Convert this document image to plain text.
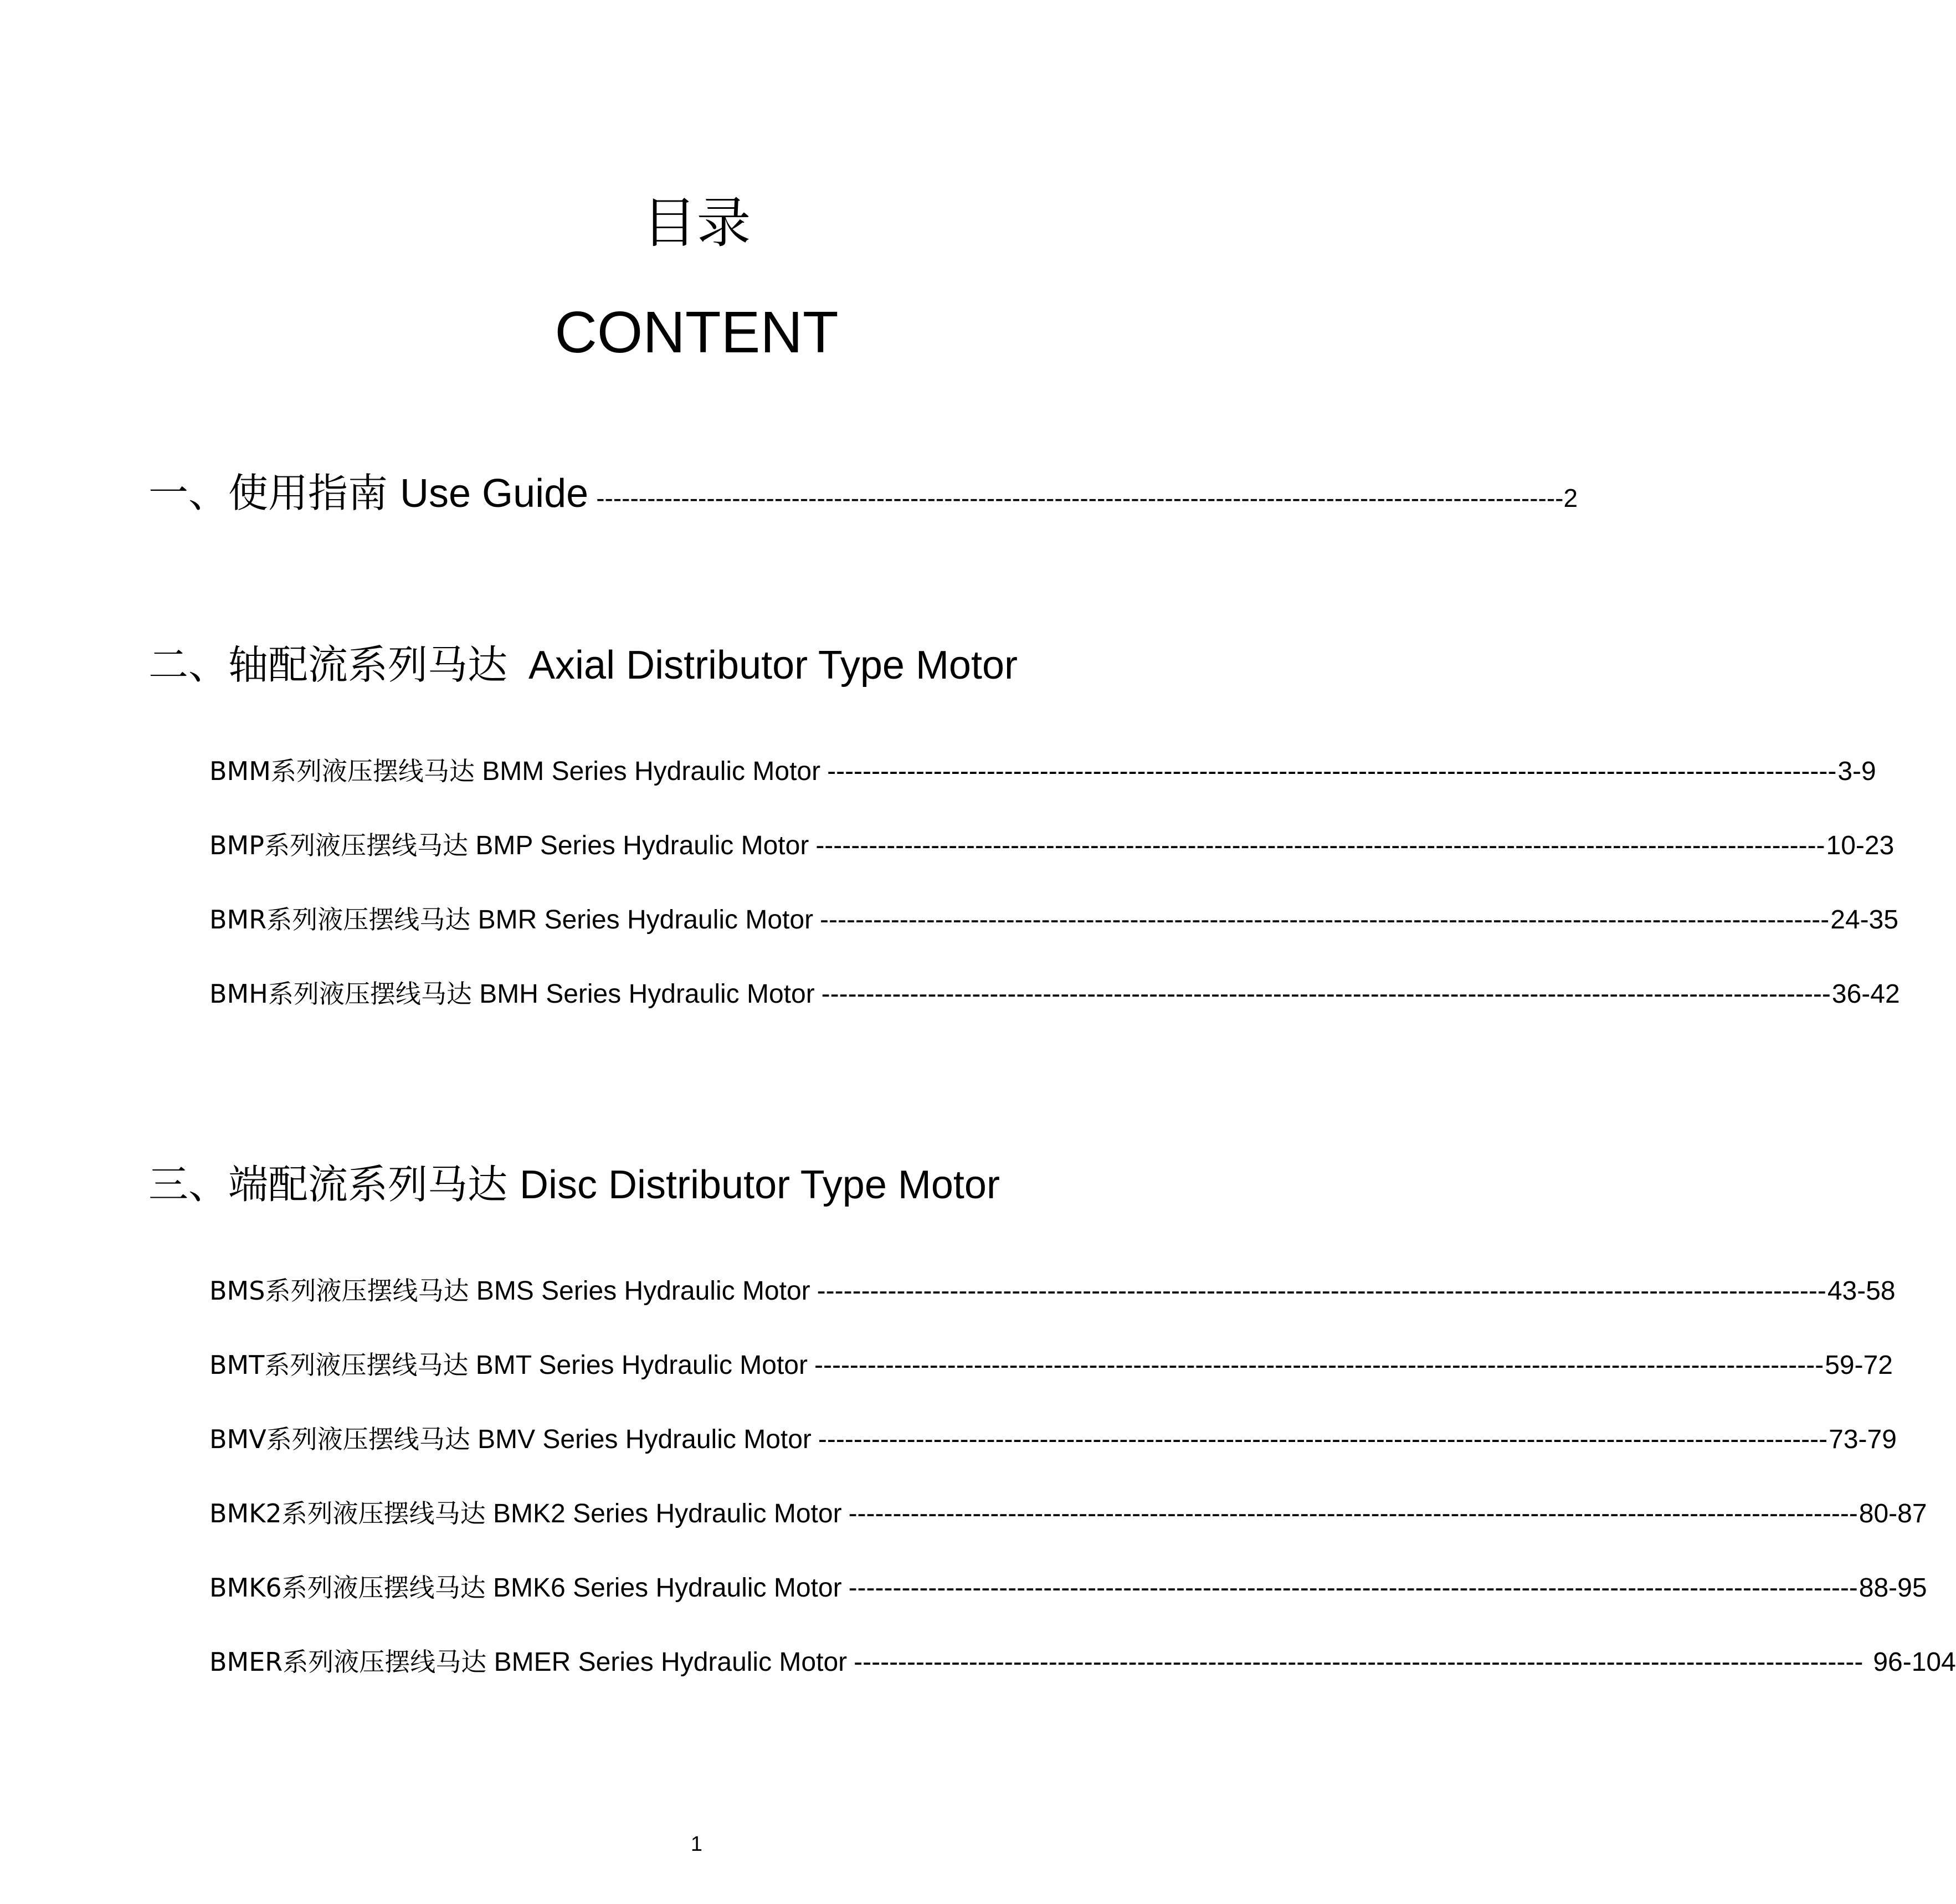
目录
CONTENT
一、使用指南 Use Guide ------------------------------------------------------------------------------------------------------------------ 2
二、轴配流系列马达 Axial Distributor Type Motor
BMM系列液压摆线马达 BMM Series Hydraulic Motor ------------------------------------------------------------------------------------------------------------------ 3-9
BMP系列液压摆线马达 BMP Series Hydraulic Motor ------------------------------------------------------------------------------------------------------------------ 10-23
BMR系列液压摆线马达 BMR Series Hydraulic Motor ------------------------------------------------------------------------------------------------------------------ 24-35
BMH系列液压摆线马达 BMH Series Hydraulic Motor ------------------------------------------------------------------------------------------------------------------ 36-42
三、端配流系列马达 Disc Distributor Type Motor
BMS系列液压摆线马达 BMS Series Hydraulic Motor ------------------------------------------------------------------------------------------------------------------ 43-58
BMT系列液压摆线马达 BMT Series Hydraulic Motor ------------------------------------------------------------------------------------------------------------------ 59-72
BMV系列液压摆线马达 BMV Series Hydraulic Motor ------------------------------------------------------------------------------------------------------------------ 73-79
BMK2系列液压摆线马达 BMK2 Series Hydraulic Motor ------------------------------------------------------------------------------------------------------------------ 80-87
BMK6系列液压摆线马达 BMK6 Series Hydraulic Motor ------------------------------------------------------------------------------------------------------------------ 88-95
BMER系列液压摆线马达 BMER Series Hydraulic Motor ------------------------------------------------------------------------------------------------------------------ 96-104
1
